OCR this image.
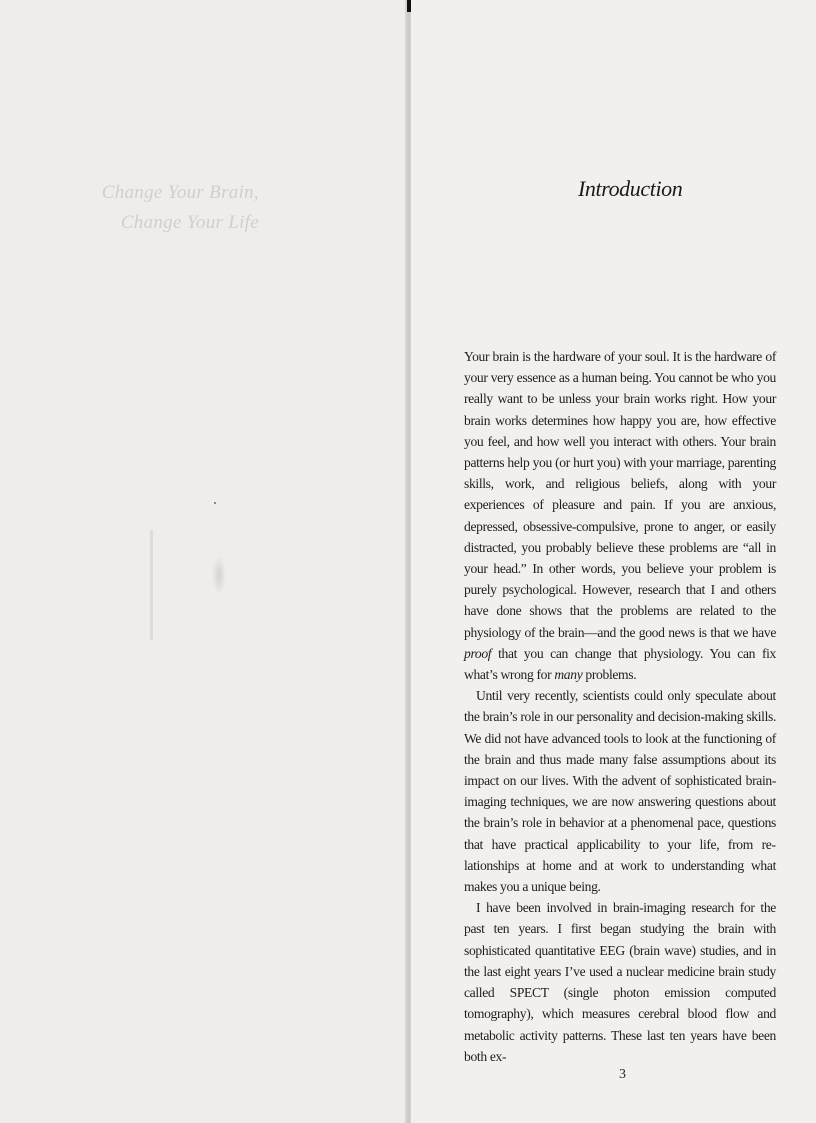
Change Your Brain,
Change Your Life
Introduction

Your brain is the hardware of your soul. It is the hardware of your very essence as a human being. You cannot be who you really want to be unless your brain works right. How your brain works determines how happy you are, how effective you feel, and how well you interact with others. Your brain patterns help you (or hurt you) with your marriage, parenting skills, work, and religious beliefs, along with your experiences of pleasure and pain. If you are anxious, depressed, obsessive-compulsive, prone to anger, or easily distracted, you probably believe these problems are “all in your head.” In other words, you believe your problem is purely psychological. However, research that I and others have done shows that the problems are related to the physiology of the brain—and the good news is that we have proof that you can change that physiology. You can fix what’s wrong for many problems.

Until very recently, scientists could only speculate about the brain’s role in our personality and decision-making skills. We did not have advanced tools to look at the functioning of the brain and thus made many false assumptions about its impact on our lives. With the advent of sophisticated brain-imaging techniques, we are now answering questions about the brain’s role in behavior at a phenomenal pace, questions that have practical applicability to your life, from relationships at home and at work to understanding what makes you a unique being.

I have been involved in brain-imaging research for the past ten years. I first began studying the brain with sophisticated quantitative EEG (brain wave) studies, and in the last eight years I’ve used a nuclear medicine brain study called SPECT (single photon emission computed tomography), which measures cerebral blood flow and metabolic activity patterns. These last ten years have been both ex-

3
